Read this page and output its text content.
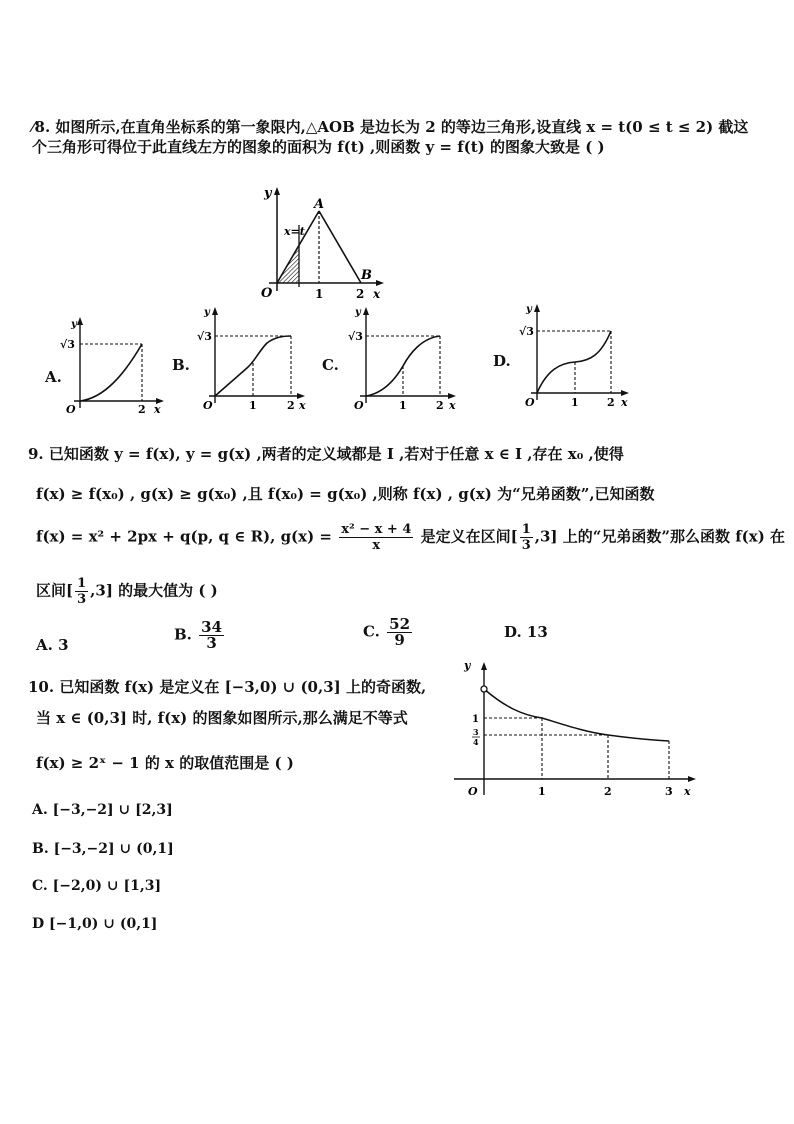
⁄8. 如图所示,在直角坐标系的第一象限内,△AOB 是边长为 2 的等边三角形,设直线 x = t(0 ≤ t ≤ 2) 截这
个三角形可得位于此直线左方的图象的面积为 f(t) ,则函数 y = f(t) 的图象大致是 ( )
y
x
O
A
B
1	2
x=t
A.
y
√3
O	2 x
B.
y
√3
O	1	2 x
C.
y
√3
O	1	2 x
D.
y
√3
O	1	2 x
9. 已知函数 y = f(x), y = g(x) ,两者的定义域都是 I ,若对于任意 x ∈ I ,存在 x₀ ,使得
f(x) ≥ f(x₀) , g(x) ≥ g(x₀) ,且 f(x₀) = g(x₀) ,则称 f(x) , g(x) 为“兄弟函数”,已知函数
f(x) = x² + 2px + q(p, q ∈ R), $g(x) = \frac{\text{x² − x + 4}}{x}$ 是定义在区间[ $\frac{1}{3} ,3$] 上的“兄弟函数”那么函数 f(x) 在
区间[ $\frac{1}{3} ,3$] 的最大值为 ( )
A. 3
B. $\frac{34}{3}$	C. $\frac{52}{9}$	D. 13
10. 已知函数 f(x) 是定义在 [−3,0) ∪ (0,3] 上的奇函数,
当 x ∈ (0,3] 时, f(x) 的图象如图所示,那么满足不等式
f(x) ≥ 2ˣ − 1 的 x 的取值范围是 ( )
A. [−3,−2] ∪ [2,3]
B. [−3,−2] ∪ (0,1]
C. [−2,0) ∪ [1,3]
D [−1,0) ∪ (0,1]
y
O
1
3
4
1	2	3 x
